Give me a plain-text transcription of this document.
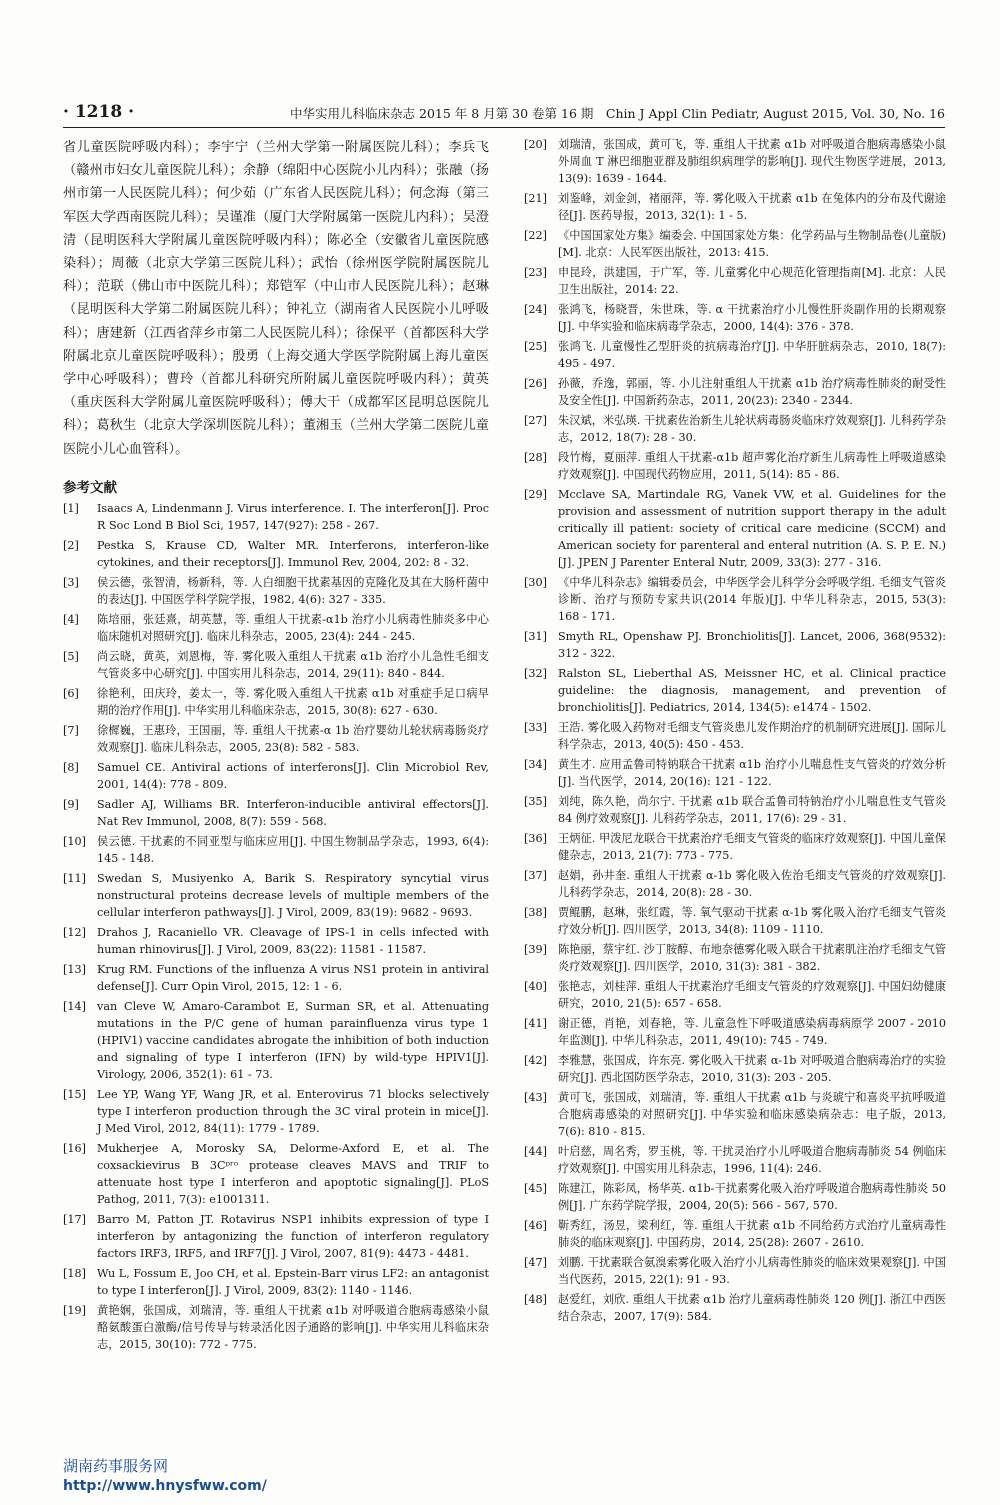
· 1218 ·	中华实用儿科临床杂志 2015 年 8 月第 30 卷第 16 期　Chin J Appl Clin Pediatr, August 2015, Vol. 30, No. 16

省儿童医院呼吸内科）；李宇宁（兰州大学第一附属医院儿科）；李兵飞（赣州市妇女儿童医院儿科）；余静（绵阳中心医院小儿内科）；张融（扬州市第一人民医院儿科）；何少茹（广东省人民医院儿科）；何念海（第三军医大学西南医院儿科）；吴谨准（厦门大学附属第一医院儿内科）；吴澄清（昆明医科大学附属儿童医院呼吸内科）；陈必全（安徽省儿童医院感染科）；周薇（北京大学第三医院儿科）；武怡（徐州医学院附属医院儿科）；范联（佛山市中医院儿科）；郑铠军（中山市人民医院儿科）；赵琳（昆明医科大学第二附属医院儿科）；钟礼立（湖南省人民医院小儿呼吸科）；唐建新（江西省萍乡市第二人民医院儿科）；徐保平（首都医科大学附属北京儿童医院呼吸科）；殷勇（上海交通大学医学院附属上海儿童医学中心呼吸科）；曹玲（首都儿科研究所附属儿童医院呼吸内科）；黄英（重庆医科大学附属儿童医院呼吸科）；傅大干（成都军区昆明总医院儿科）；葛秋生（北京大学深圳医院儿科）；董湘玉（兰州大学第二医院儿童医院小儿心血管科）。

参考文献
[1] Isaacs A, Lindenmann J. Virus interference. I. The interferon[J]. Proc R Soc Lond B Biol Sci, 1957, 147(927): 258 - 267.
[2] Pestka S, Krause CD, Walter MR. Interferons, interferon-like cytokines, and their receptors[J]. Immunol Rev, 2004, 202: 8 - 32.
[3] 侯云德，张智清，杨新科，等. 人白细胞干扰素基因的克隆化及其在大肠杆菌中的表达[J]. 中国医学科学院学报，1982, 4(6): 327 - 335.
[4] 陈培丽，张廷熹，胡英慧，等. 重组人干扰素-α1b 治疗小儿病毒性肺炎多中心临床随机对照研究[J]. 临床儿科杂志，2005, 23(4): 244 - 245.
[5] 尚云晓，黄英，刘恩梅，等. 雾化吸入重组人干扰素 α1b 治疗小儿急性毛细支气管炎多中心研究[J]. 中国实用儿科杂志，2014, 29(11): 840 - 844.
[6] 徐艳利，田庆玲，姜太一，等. 雾化吸入重组人干扰素 α1b 对重症手足口病早期的治疗作用[J]. 中华实用儿科临床杂志，2015, 30(8): 627 - 630.
[7] 徐樨巍，王惠玲，王国丽，等. 重组人干扰素-α 1b 治疗婴幼儿轮状病毒肠炎疗效观察[J]. 临床儿科杂志，2005, 23(8): 582 - 583.
[8] Samuel CE. Antiviral actions of interferons[J]. Clin Microbiol Rev, 2001, 14(4): 778 - 809.
[9] Sadler AJ, Williams BR. Interferon-inducible antiviral effectors[J]. Nat Rev Immunol, 2008, 8(7): 559 - 568.
[10] 侯云德. 干扰素的不同亚型与临床应用[J]. 中国生物制品学杂志，1993, 6(4): 145 - 148.
[11] Swedan S, Musiyenko A, Barik S. Respiratory syncytial virus nonstructural proteins decrease levels of multiple members of the cellular interferon pathways[J]. J Virol, 2009, 83(19): 9682 - 9693.
[12] Drahos J, Racaniello VR. Cleavage of IPS-1 in cells infected with human rhinovirus[J]. J Virol, 2009, 83(22): 11581 - 11587.
[13] Krug RM. Functions of the influenza A virus NS1 protein in antiviral defense[J]. Curr Opin Virol, 2015, 12: 1 - 6.
[14] van Cleve W, Amaro-Carambot E, Surman SR, et al. Attenuating mutations in the P/C gene of human parainfluenza virus type 1 (HPIV1) vaccine candidates abrogate the inhibition of both induction and signaling of type I interferon (IFN) by wild-type HPIV1[J]. Virology, 2006, 352(1): 61 - 73.
[15] Lee YP, Wang YF, Wang JR, et al. Enterovirus 71 blocks selectively type I interferon production through the 3C viral protein in mice[J]. J Med Virol, 2012, 84(11): 1779 - 1789.
[16] Mukherjee A, Morosky SA, Delorme-Axford E, et al. The coxsackievirus B 3Cᵖʳᵒ protease cleaves MAVS and TRIF to attenuate host type I interferon and apoptotic signaling[J]. PLoS Pathog, 2011, 7(3): e1001311.
[17] Barro M, Patton JT. Rotavirus NSP1 inhibits expression of type I interferon by antagonizing the function of interferon regulatory factors IRF3, IRF5, and IRF7[J]. J Virol, 2007, 81(9): 4473 - 4481.
[18] Wu L, Fossum E, Joo CH, et al. Epstein-Barr virus LF2: an antagonist to type I interferon[J]. J Virol, 2009, 83(2): 1140 - 1146.
[19] 黄艳娴，张国成，刘瑞清，等. 重组人干扰素 α1b 对呼吸道合胞病毒感染小鼠酪氨酸蛋白激酶/信号传导与转录活化因子通路的影响[J]. 中华实用儿科临床杂志，2015, 30(10): 772 - 775.
[20] 刘瑞清，张国成，黄可飞，等. 重组人干扰素 α1b 对呼吸道合胞病毒感染小鼠外周血 T 淋巴细胞亚群及肺组织病理学的影响[J]. 现代生物医学进展，2013, 13(9): 1639 - 1644.
[21] 刘鉴峰，刘金剑，褚丽萍，等. 雾化吸入干扰素 α1b 在兔体内的分布及代谢途径[J]. 医药导报，2013, 32(1): 1 - 5.
[22] 《中国国家处方集》编委会. 中国国家处方集：化学药品与生物制品卷(儿童版)[M]. 北京：人民军医出版社，2013: 415.
[23] 申昆玲，洪建国，于广军，等. 儿童雾化中心规范化管理指南[M]. 北京：人民卫生出版社，2014: 22.
[24] 张鸿飞，杨晓晋，朱世珠，等. α 干扰素治疗小儿慢性肝炎副作用的长期观察[J]. 中华实验和临床病毒学杂志，2000, 14(4): 376 - 378.
[25] 张鸿飞. 儿童慢性乙型肝炎的抗病毒治疗[J]. 中华肝脏病杂志，2010, 18(7): 495 - 497.
[26] 孙薇，乔逸，郭丽，等. 小儿注射重组人干扰素 α1b 治疗病毒性肺炎的耐受性及安全性[J]. 中国新药杂志，2011, 20(23): 2340 - 2344.
[27] 朱汉斌，米弘瑛. 干扰素佐治新生儿轮状病毒肠炎临床疗效观察[J]. 儿科药学杂志，2012, 18(7): 28 - 30.
[28] 段竹梅，夏丽萍. 重组人干扰素-α1b 超声雾化治疗新生儿病毒性上呼吸道感染疗效观察[J]. 中国现代药物应用，2011, 5(14): 85 - 86.
[29] Mcclave SA, Martindale RG, Vanek VW, et al. Guidelines for the provision and assessment of nutrition support therapy in the adult critically ill patient: society of critical care medicine (SCCM) and American society for parenteral and enteral nutrition (A. S. P. E. N.)[J]. JPEN J Parenter Enteral Nutr, 2009, 33(3): 277 - 316.
[30] 《中华儿科杂志》编辑委员会，中华医学会儿科学分会呼吸学组. 毛细支气管炎诊断、治疗与预防专家共识(2014 年版)[J]. 中华儿科杂志，2015, 53(3): 168 - 171.
[31] Smyth RL, Openshaw PJ. Bronchiolitis[J]. Lancet, 2006, 368(9532): 312 - 322.
[32] Ralston SL, Lieberthal AS, Meissner HC, et al. Clinical practice guideline: the diagnosis, management, and prevention of bronchiolitis[J]. Pediatrics, 2014, 134(5): e1474 - 1502.
[33] 王浩. 雾化吸入药物对毛细支气管炎患儿发作期治疗的机制研究进展[J]. 国际儿科学杂志，2013, 40(5): 450 - 453.
[34] 黄生才. 应用孟鲁司特钠联合干扰素 α1b 治疗小儿喘息性支气管炎的疗效分析[J]. 当代医学，2014, 20(16): 121 - 122.
[35] 刘纯，陈久艳，尚尔宁. 干扰素 α1b 联合孟鲁司特钠治疗小儿喘息性支气管炎 84 例疗效观察[J]. 儿科药学杂志，2011, 17(6): 29 - 31.
[36] 王炳征. 甲泼尼龙联合干扰素治疗毛细支气管炎的临床疗效观察[J]. 中国儿童保健杂志，2013, 21(7): 773 - 775.
[37] 赵娟，孙井奎. 重组人干扰素 α-1b 雾化吸入佐治毛细支气管炎的疗效观察[J]. 儿科药学杂志，2014, 20(8): 28 - 30.
[38] 贾鲲鹏，赵琳，张红霞，等. 氧气驱动干扰素 α-1b 雾化吸入治疗毛细支气管炎疗效分析[J]. 四川医学，2013, 34(8): 1109 - 1110.
[39] 陈艳丽，蔡宇红. 沙丁胺醇、布地奈德雾化吸入联合干扰素肌注治疗毛细支气管炎疗效观察[J]. 四川医学，2010, 31(3): 381 - 382.
[40] 张艳志，刘桂萍. 重组人干扰素治疗毛细支气管炎的疗效观察[J]. 中国妇幼健康研究，2010, 21(5): 657 - 658.
[41] 谢正德，肖艳，刘春艳，等. 儿童急性下呼吸道感染病毒病原学 2007 - 2010 年监测[J]. 中华儿科杂志，2011, 49(10): 745 - 749.
[42] 李雅慧，张国成，许东亮. 雾化吸入干扰素 α-1b 对呼吸道合胞病毒治疗的实验研究[J]. 西北国防医学杂志，2010, 31(3): 203 - 205.
[43] 黄可飞，张国成，刘瑞清，等. 重组人干扰素 α1b 与炎琥宁和喜炎平抗呼吸道合胞病毒感染的对照研究[J]. 中华实验和临床感染病杂志：电子版，2013, 7(6): 810 - 815.
[44] 叶启慈，周名秀，罗玉桃，等. 干扰灵治疗小儿呼吸道合胞病毒肺炎 54 例临床疗效观察[J]. 中国实用儿科杂志，1996, 11(4): 246.
[45] 陈建江，陈彩凤，杨华英. α1b-干扰素雾化吸入治疗呼吸道合胞病毒性肺炎 50 例[J]. 广东药学院学报，2004, 20(5): 566 - 567, 570.
[46] 靳秀红，汤昱，梁利红，等. 重组人干扰素 α1b 不同给药方式治疗儿童病毒性肺炎的临床观察[J]. 中国药房，2014, 25(28): 2607 - 2610.
[47] 刘鹏. 干扰素联合氨溴索雾化吸入治疗小儿病毒性肺炎的临床效果观察[J]. 中国当代医药，2015, 22(1): 91 - 93.
[48] 赵爱红，刘欣. 重组人干扰素 α1b 治疗儿童病毒性肺炎 120 例[J]. 浙江中西医结合杂志，2007, 17(9): 584.
湖南药事服务网
http://www.hnysfww.com/
